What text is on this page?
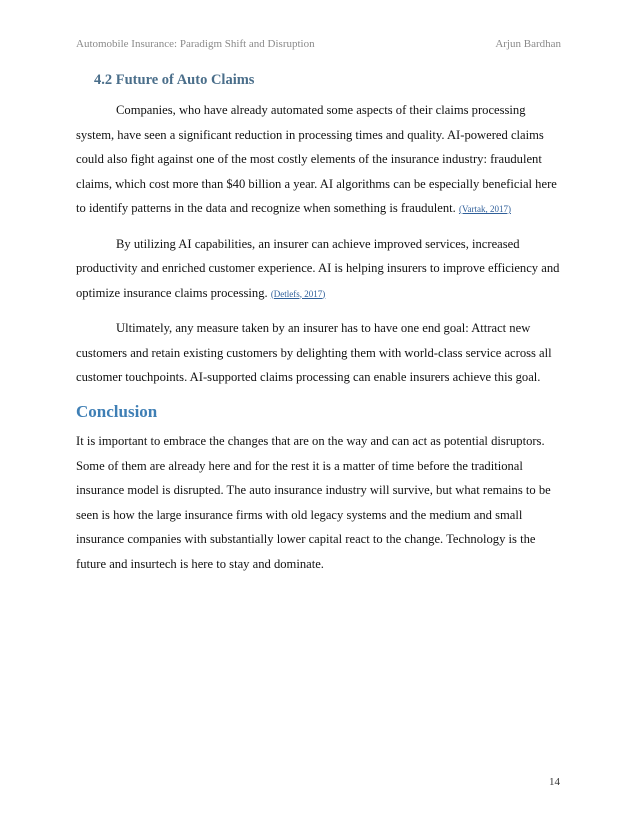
Automobile Insurance: Paradigm Shift and Disruption	Arjun Bardhan
4.2 Future of Auto Claims

Companies, who have already automated some aspects of their claims processing system, have seen a significant reduction in processing times and quality. AI-powered claims could also fight against one of the most costly elements of the insurance industry: fraudulent claims, which cost more than $40 billion a year. AI algorithms can be especially beneficial here to identify patterns in the data and recognize when something is fraudulent. (Vartak, 2017)

By utilizing AI capabilities, an insurer can achieve improved services, increased productivity and enriched customer experience. AI is helping insurers to improve efficiency and optimize insurance claims processing. (Detlefs, 2017)

Ultimately, any measure taken by an insurer has to have one end goal: Attract new customers and retain existing customers by delighting them with world-class service across all customer touchpoints. AI-supported claims processing can enable insurers achieve this goal.

Conclusion

It is important to embrace the changes that are on the way and can act as potential disruptors. Some of them are already here and for the rest it is a matter of time before the traditional insurance model is disrupted. The auto insurance industry will survive, but what remains to be seen is how the large insurance firms with old legacy systems and the medium and small insurance companies with substantially lower capital react to the change. Technology is the future and insurtech is here to stay and dominate.

14
